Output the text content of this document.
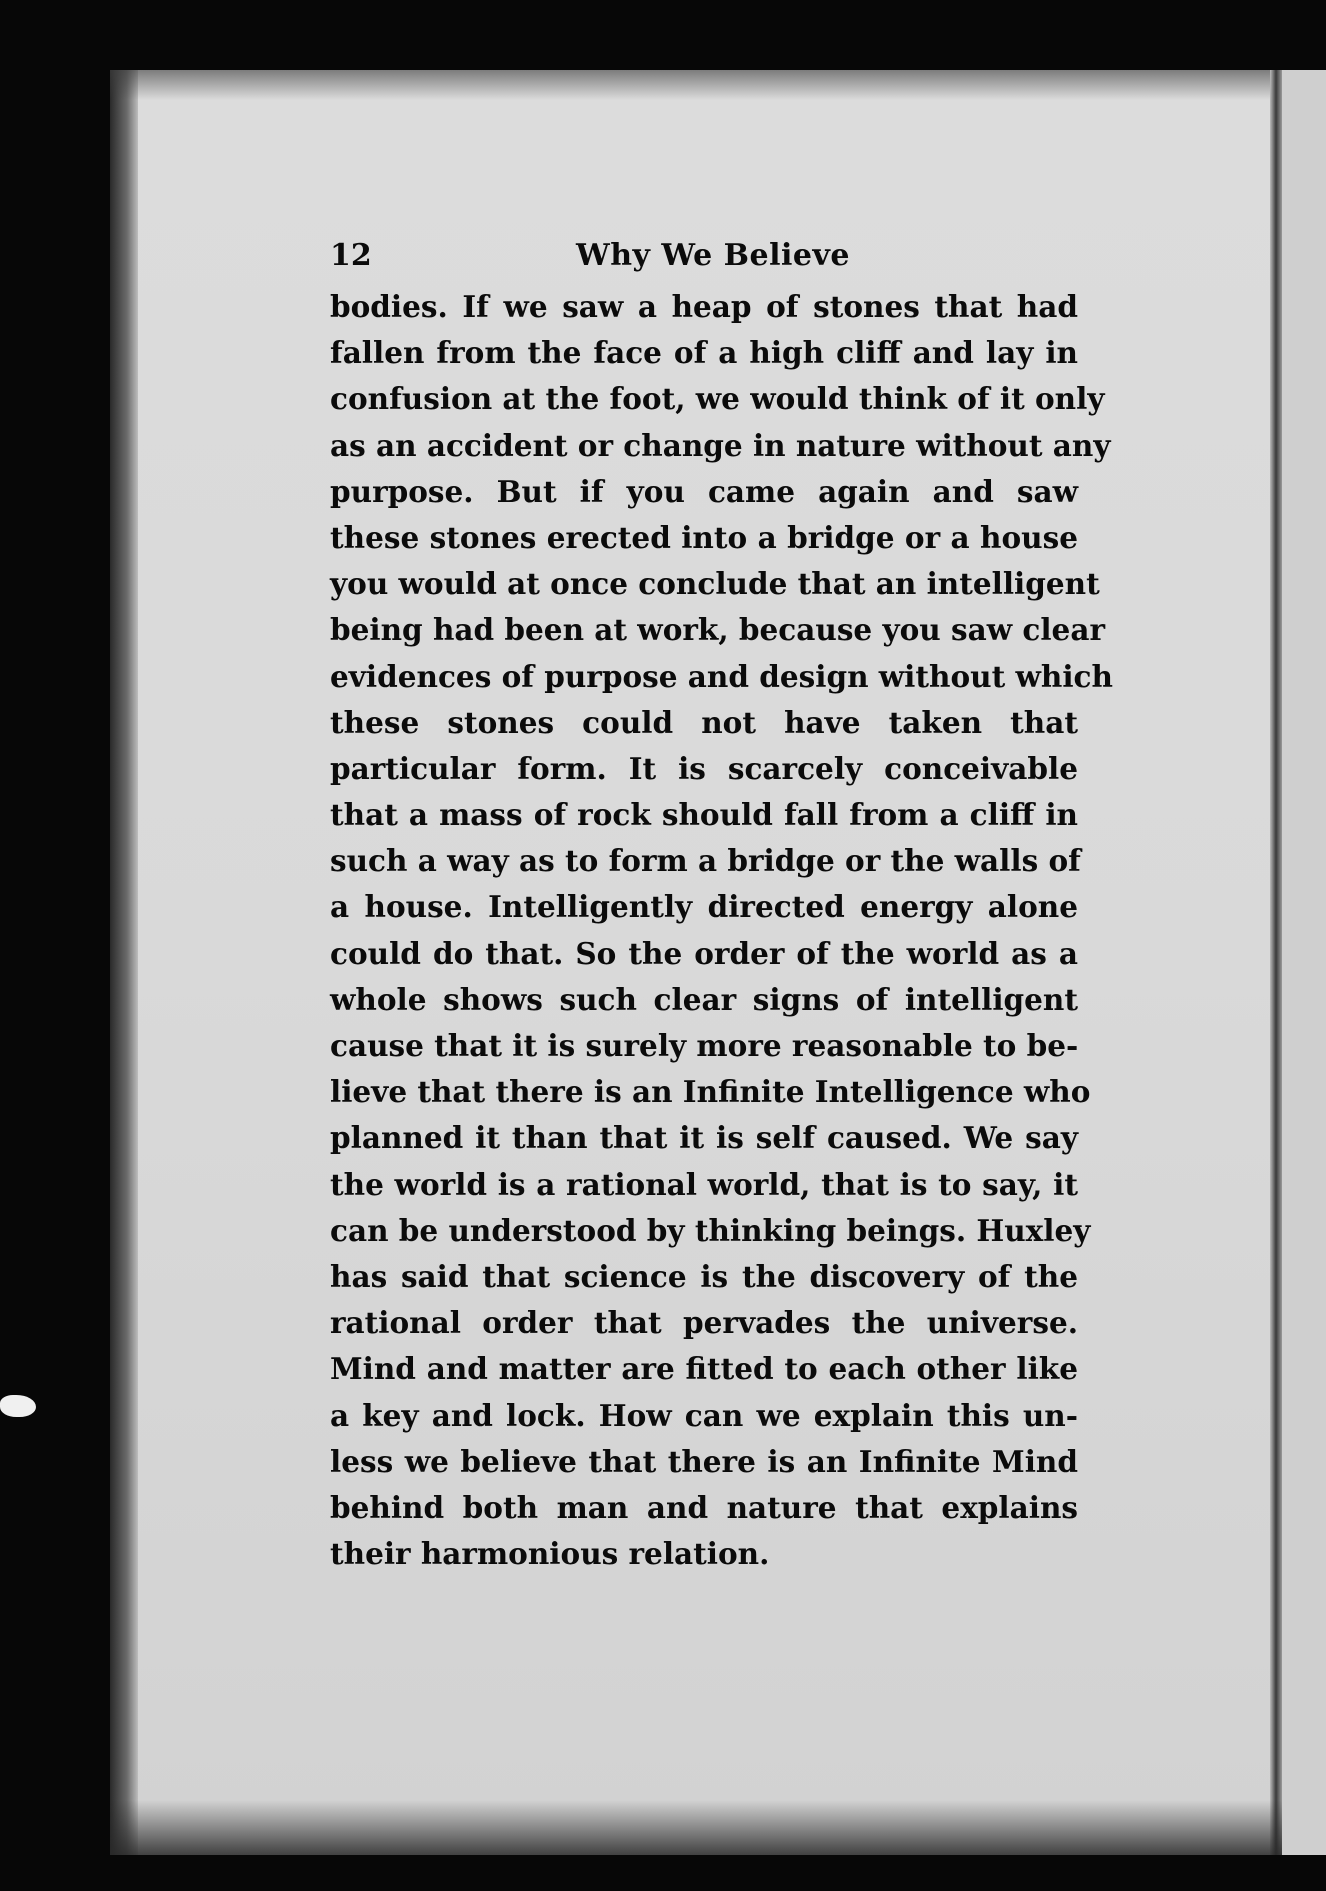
12	Why We Believe
bodies. If we saw a heap of stones that had
fallen from the face of a high cliff and lay in
confusion at the foot, we would think of it only
as an accident or change in nature without any
purpose. But if you came again and saw
these stones erected into a bridge or a house
you would at once conclude that an intelligent
being had been at work, because you saw clear
evidences of purpose and design without which
these stones could not have taken that
particular form. It is scarcely conceivable
that a mass of rock should fall from a cliff in
such a way as to form a bridge or the walls of
a house. Intelligently directed energy alone
could do that. So the order of the world as a
whole shows such clear signs of intelligent
cause that it is surely more reasonable to be-
lieve that there is an Infinite Intelligence who
planned it than that it is self caused. We say
the world is a rational world, that is to say, it
can be understood by thinking beings. Huxley
has said that science is the discovery of the
rational order that pervades the universe.
Mind and matter are fitted to each other like
a key and lock. How can we explain this un-
less we believe that there is an Infinite Mind
behind both man and nature that explains
their harmonious relation.
